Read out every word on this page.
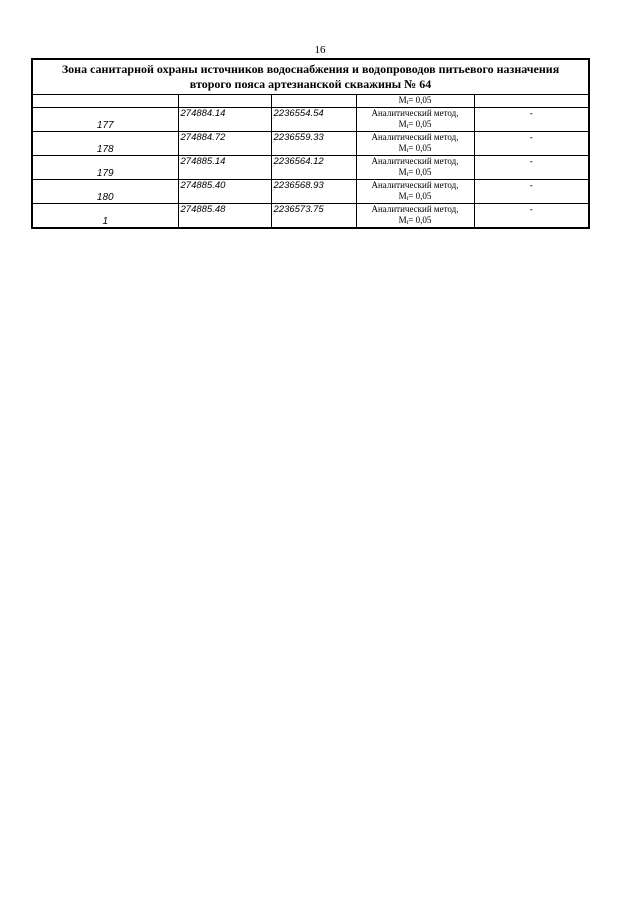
16
Зона санитарной охраны источников водоснабжения и водопроводов питьевого назначения
второго пояса артезианской скважины № 64				

			$M_t= 0,05$	

177	274884.14	2236554.54	Аналитический метод,
$M_t= 0,05$	-
178	274884.72	2236559.33	Аналитический метод,
$M_t= 0,05$	-
179	274885.14	2236564.12	Аналитический метод,
$M_t= 0,05$	-
180	274885.40	2236568.93	Аналитический метод,
$M_t= 0,05$	-
1	274885.48	2236573.75	Аналитический метод,
$M_t= 0,05$	-
